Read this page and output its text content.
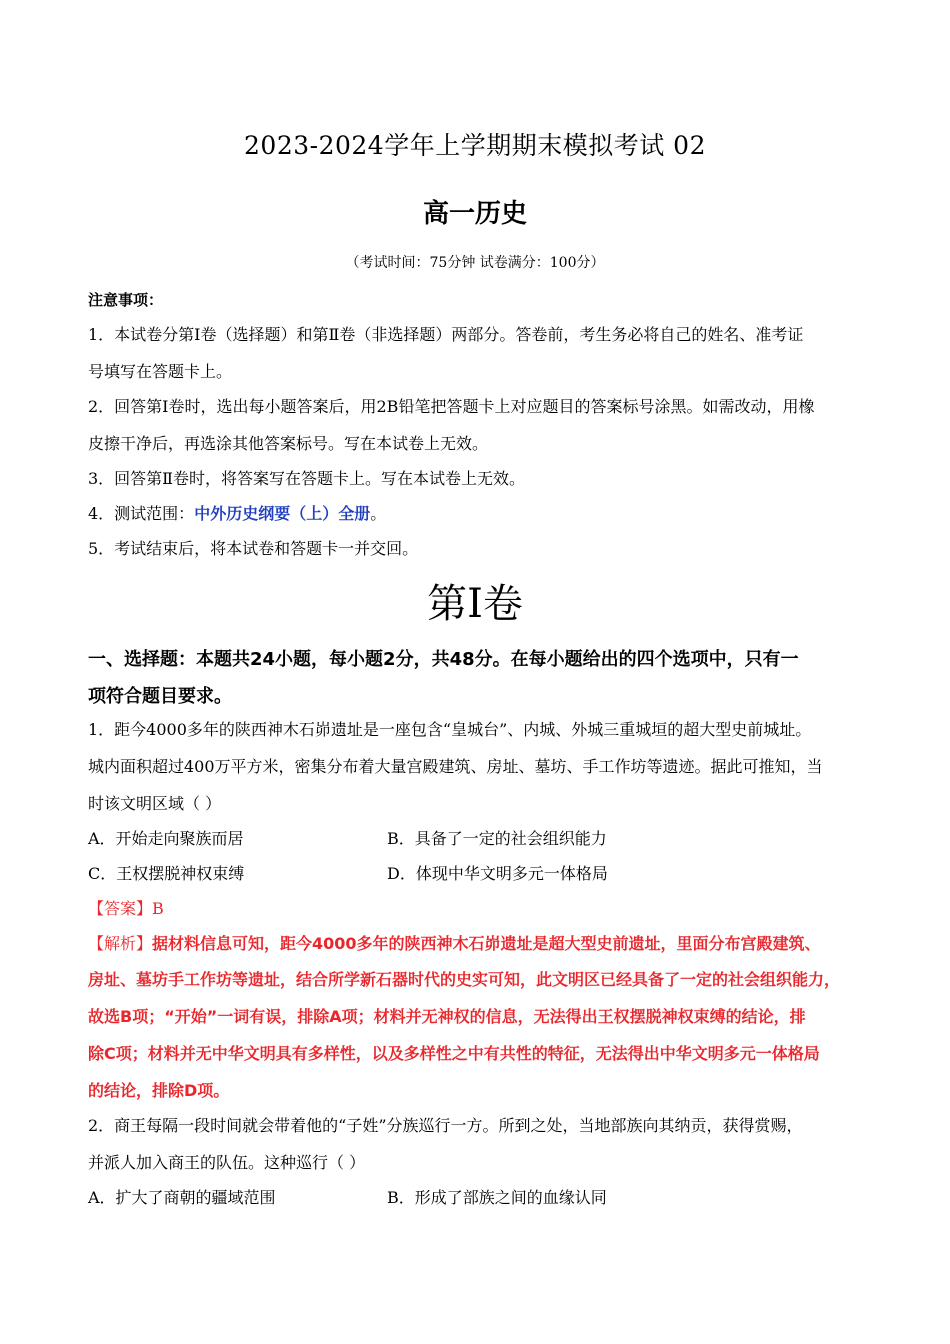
2023-2024学年上学期期末模拟考试 02
高一历史
（考试时间：75分钟 试卷满分：100分）
注意事项：
1．本试卷分第Ⅰ卷（选择题）和第Ⅱ卷（非选择题）两部分。答卷前，考生务必将自己的姓名、准考证
号填写在答题卡上。
2．回答第Ⅰ卷时，选出每小题答案后，用2B铅笔把答题卡上对应题目的答案标号涂黑。如需改动，用橡
皮擦干净后，再选涂其他答案标号。写在本试卷上无效。
3．回答第Ⅱ卷时，将答案写在答题卡上。写在本试卷上无效。
4．测试范围：中外历史纲要（上）全册。
5．考试结束后，将本试卷和答题卡一并交回。
第Ⅰ卷
一、选择题：本题共24小题，每小题2分，共48分。在每小题给出的四个选项中，只有一
项符合题目要求。
1．距今4000多年的陕西神木石峁遗址是一座包含“皇城台”、内城、外城三重城垣的超大型史前城址。
城内面积超过400万平方米，密集分布着大量宫殿建筑、房址、墓坊、手工作坊等遗迹。据此可推知，当
时该文明区域（ ）
A．开始走向聚族而居	B．具备了一定的社会组织能力
C．王权摆脱神权束缚	D．体现中华文明多元一体格局
【答案】B
【解析】据材料信息可知，距今4000多年的陕西神木石峁遗址是超大型史前遗址，里面分布宫殿建筑、
房址、墓坊手工作坊等遗址，结合所学新石器时代的史实可知，此文明区已经具备了一定的社会组织能力，
故选B项；“开始”一词有误，排除A项；材料并无神权的信息，无法得出王权摆脱神权束缚的结论，排
除C项；材料并无中华文明具有多样性，以及多样性之中有共性的特征，无法得出中华文明多元一体格局
的结论，排除D项。
2．商王每隔一段时间就会带着他的“子姓”分族巡行一方。所到之处，当地部族向其纳贡，获得赏赐，
并派人加入商王的队伍。这种巡行（ ）
A．扩大了商朝的疆域范围	B．形成了部族之间的血缘认同
